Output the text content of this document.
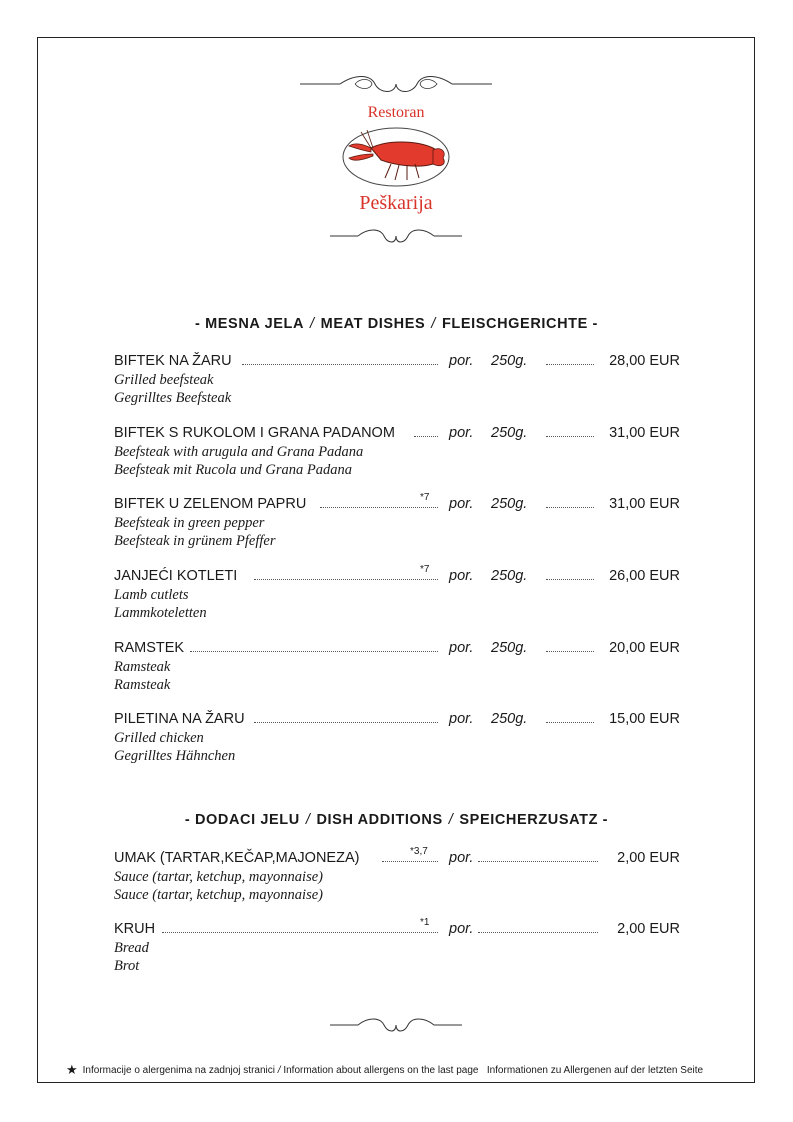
Restoran
Peškarija
- MESNA JELA / MEAT DISHES / FLEISCHGERICHTE -
BIFTEK NA ŽARU	por. 250g.	28,00 EUR
Grilled beefsteak
Gegrilltes Beefsteak
BIFTEK S RUKOLOM I GRANA PADANOM	por. 250g.	31,00 EUR
Beefsteak with arugula and Grana Padana
Beefsteak mit Rucola und Grana Padana
BIFTEK U ZELENOM PAPRU	*7 por. 250g.	31,00 EUR
Beefsteak in green pepper
Beefsteak in grünem Pfeffer
JANJEĆI KOTLETI	*7 por. 250g.	26,00 EUR
Lamb cutlets
Lammkoteletten
RAMSTEK	por. 250g.	20,00 EUR
Ramsteak
Ramsteak
PILETINA NA ŽARU	por. 250g.	15,00 EUR
Grilled chicken
Gegrilltes Hähnchen
- DODACI JELU / DISH ADDITIONS / SPEICHERZUSATZ -
UMAK (TARTAR,KEČAP,MAJONEZA)	*3,7 por.	2,00 EUR
Sauce (tartar, ketchup, mayonnaise)
Sauce (tartar, ketchup, mayonnaise)
KRUH	*1 por.	2,00 EUR
Bread
Brot
★ Informacije o alergenima na zadnjoj stranici / Information about allergens on the last page Informationen zu Allergenen auf der letzten Seite
